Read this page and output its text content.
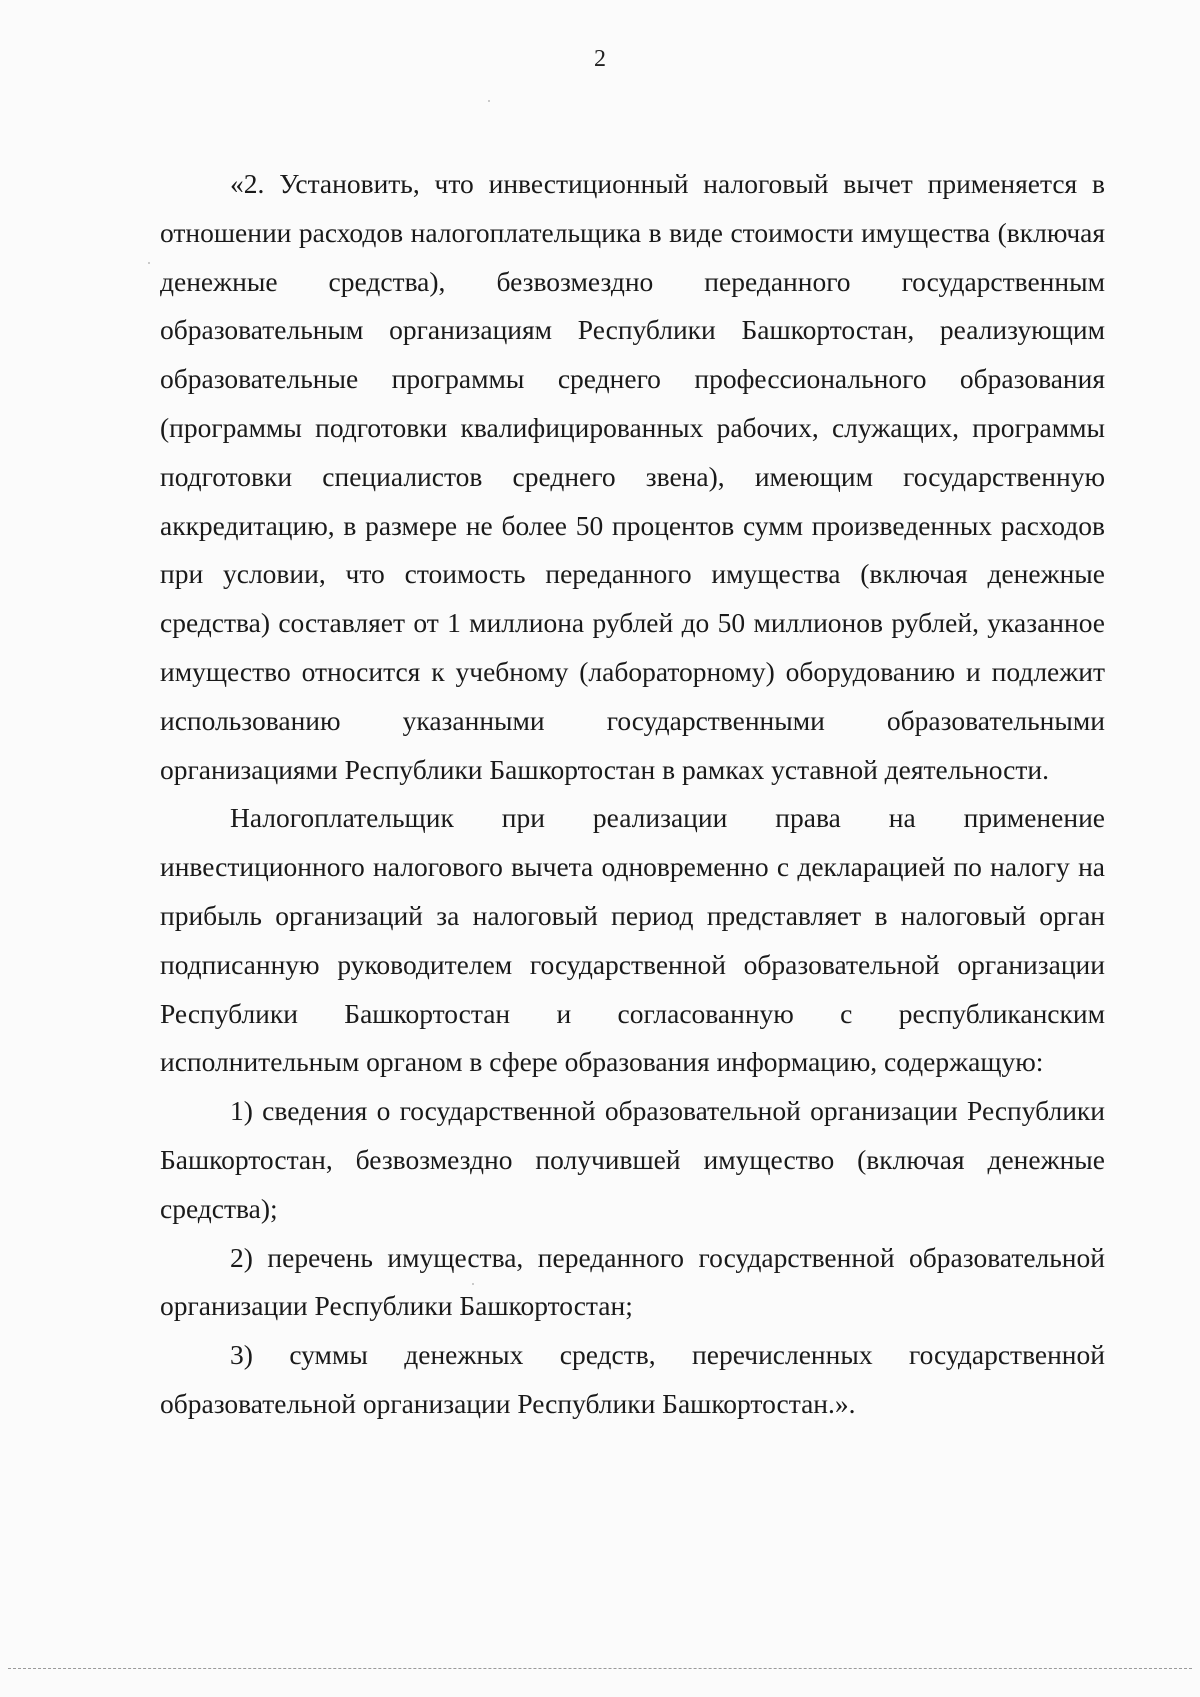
2

«2. Установить, что инвестиционный налоговый вычет применяется в отношении расходов налогоплательщика в виде стоимости имущества (включая денежные средства), безвозмездно переданного государственным образовательным организациям Республики Башкортостан, реализующим образовательные программы среднего профессионального образования (программы подготовки квалифицированных рабочих, служащих, программы подготовки специалистов среднего звена), имеющим государственную аккредитацию, в размере не более 50 процентов сумм произведенных расходов при условии, что стоимость переданного имущества (включая денежные средства) составляет от 1 миллиона рублей до 50 миллионов рублей, указанное имущество относится к учебному (лабораторному) оборудованию и подлежит использованию указанными государственными образовательными организациями Республики Башкортостан в рамках уставной деятельности.

Налогоплательщик при реализации права на применение инвестиционного налогового вычета одновременно с декларацией по налогу на прибыль организаций за налоговый период представляет в налоговый орган подписанную руководителем государственной образовательной организации Республики Башкортостан и согласованную с республиканским исполнительным органом в сфере образования информацию, содержащую:

1) сведения о государственной образовательной организации Республики Башкортостан, безвозмездно получившей имущество (включая денежные средства);

2) перечень имущества, переданного государственной образовательной организации Республики Башкортостан;

3) суммы денежных средств, перечисленных государственной образовательной организации Республики Башкортостан.».
